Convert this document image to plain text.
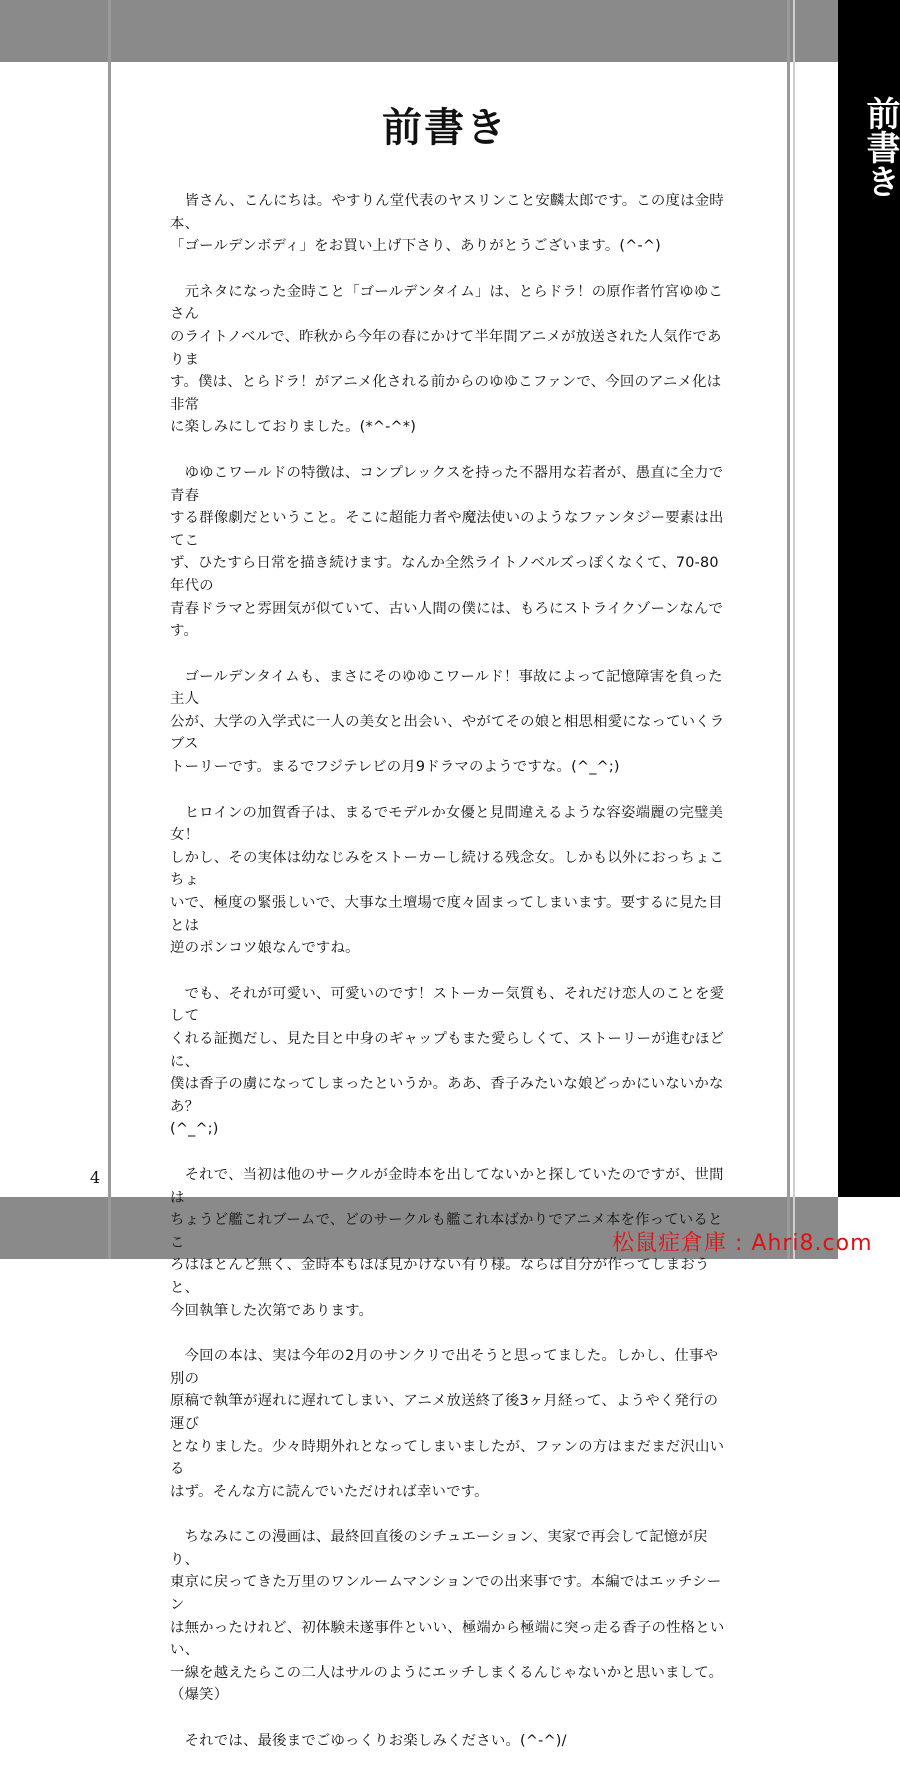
前書き
前書き

　皆さん、こんにちは。やすりん堂代表のヤスリンこと安麟太郎です。この度は金時本、
「ゴールデンボディ」をお買い上げ下さり、ありがとうございます。(^-^)

　元ネタになった金時こと「ゴールデンタイム」は、とらドラ！の原作者竹宮ゆゆこさん
のライトノベルで、昨秋から今年の春にかけて半年間アニメが放送された人気作でありま
す。僕は、とらドラ！がアニメ化される前からのゆゆこファンで、今回のアニメ化は非常
に楽しみにしておりました。(*^-^*)

　ゆゆこワールドの特徴は、コンプレックスを持った不器用な若者が、愚直に全力で青春
する群像劇だということ。そこに超能力者や魔法使いのようなファンタジー要素は出てこ
ず、ひたすら日常を描き続けます。なんか全然ライトノベルズっぽくなくて、70-80年代の
青春ドラマと雰囲気が似ていて、古い人間の僕には、もろにストライクゾーンなんです。

　ゴールデンタイムも、まさにそのゆゆこワールド！事故によって記憶障害を負った主人
公が、大学の入学式に一人の美女と出会い、やがてその娘と相思相愛になっていくラブス
トーリーです。まるでフジテレビの月9ドラマのようですな。(^_^;)

　ヒロインの加賀香子は、まるでモデルか女優と見間違えるような容姿端麗の完璧美女！
しかし、その実体は幼なじみをストーカーし続ける残念女。しかも以外におっちょこちょ
いで、極度の緊張しいで、大事な土壇場で度々固まってしまいます。要するに見た目とは
逆のポンコツ娘なんですね。

　でも、それが可愛い、可愛いのです！ストーカー気質も、それだけ恋人のことを愛して
くれる証拠だし、見た目と中身のギャップもまた愛らしくて、ストーリーが進むほどに、
僕は香子の虜になってしまったというか。ああ、香子みたいな娘どっかにいないかなあ？
(^_^;)

　それで、当初は他のサークルが金時本を出してないかと探していたのですが、世間は
ちょうど艦これブームで、どのサークルも艦これ本ばかりでアニメ本を作っているとこ
ろはほとんど無く、金時本もほぼ見かけない有り様。ならば自分が作ってしまおうと、
今回執筆した次第であります。

　今回の本は、実は今年の2月のサンクリで出そうと思ってました。しかし、仕事や別の
原稿で執筆が遅れに遅れてしまい、アニメ放送終了後3ヶ月経って、ようやく発行の運び
となりました。少々時期外れとなってしまいましたが、ファンの方はまだまだ沢山いる
はず。そんな方に読んでいただければ幸いです。

　ちなみにこの漫画は、最終回直後のシチュエーション、実家で再会して記憶が戻り、
東京に戻ってきた万里のワンルームマンションでの出来事です。本編ではエッチシーン
は無かったけれど、初体験未遂事件といい、極端から極端に突っ走る香子の性格といい、
一線を越えたらこの二人はサルのようにエッチしまくるんじゃないかと思いまして。
（爆笑）

　それでは、最後までごゆっくりお楽しみください。(^-^)/

4
松鼠症倉庫 : Ahri8.com
